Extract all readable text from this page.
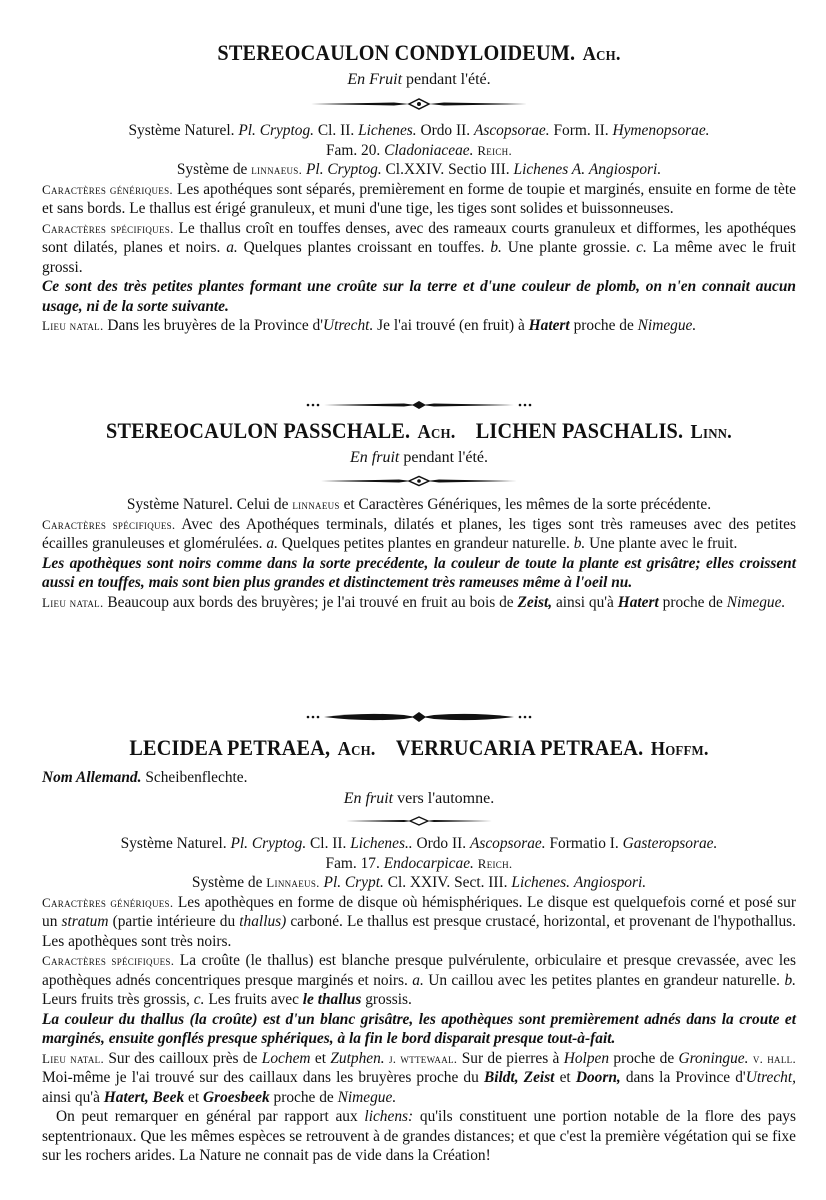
STEREOCAULON CONDYLOIDEUM. Ach.

En Fruit pendant l'été.

Système Naturel. Pl. Cryptog. Cl. II. Lichenes. Ordo II. Ascopsorae. Form. II. Hymenopsorae.

Fam. 20. Cladoniaceae. Reich.

Système de linnaeus. Pl. Cryptog. Cl.XXIV. Sectio III. Lichenes A. Angiospori.

Caractères génériques. Les apothéques sont séparés, premièrement en forme de toupie et marginés, ensuite en forme de tète et sans bords. Le thallus est érigé granuleux, et muni d'une tige, les tiges sont solides et buissonneuses.

Caractères spécifiques. Le thallus croît en touffes denses, avec des rameaux courts granuleux et difformes, les apothéques sont dilatés, planes et noirs. a. Quelques plantes croissant en touffes. b. Une plante grossie. c. La même avec le fruit grossi.

Ce sont des très petites plantes formant une croûte sur la terre et d'une couleur de plomb, on n'en connait aucun usage, ni de la sorte suivante.

Lieu natal. Dans les bruyères de la Province d'Utrecht. Je l'ai trouvé (en fruit) à Hatert proche de Nimegue.

STEREOCAULON PASSCHALE. Ach. LICHEN PASCHALIS. Linn.

En fruit pendant l'été.

Système Naturel. Celui de linnaeus et Caractères Génériques, les mêmes de la sorte précédente.

Caractères spécifiques. Avec des Apothéques terminals, dilatés et planes, les tiges sont très rameuses avec des petites écailles granuleuses et glomérulées. a. Quelques petites plantes en grandeur naturelle. b. Une plante avec le fruit.

Les apothèques sont noirs comme dans la sorte precédente, la couleur de toute la plante est grisâtre; elles croissent aussi en touffes, mais sont bien plus grandes et distinctement très rameuses même à l'oeil nu.

Lieu natal. Beaucoup aux bords des bruyères; je l'ai trouvé en fruit au bois de Zeist, ainsi qu'à Hatert proche de Nimegue.

LECIDEA PETRAEA, Ach. VERRUCARIA PETRAEA. Hoffm.
Nom Allemand. Scheibenflechte.

En fruit vers l'automne.

Système Naturel. Pl. Cryptog. Cl. II. Lichenes.. Ordo II. Ascopsorae. Formatio I. Gasteropsorae.

Fam. 17. Endocarpicae. Reich.

Système de Linnaeus. Pl. Crypt. Cl. XXIV. Sect. III. Lichenes. Angiospori.

Caractères génériques. Les apothèques en forme de disque où hémisphériques. Le disque est quelquefois corné et posé sur un stratum (partie intérieure du thallus) carboné. Le thallus est presque crustacé, horizontal, et provenant de l'hypothallus. Les apothèques sont très noirs.

Caractères spécifiques. La croûte (le thallus) est blanche presque pulvérulente, orbiculaire et presque crevassée, avec les apothèques adnés concentriques presque marginés et noirs. a. Un caillou avec les petites plantes en grandeur naturelle. b. Leurs fruits très grossis, c. Les fruits avec le thallus grossis.

La couleur du thallus (la croûte) est d'un blanc grisâtre, les apothèques sont premièrement adnés dans la croute et marginés, ensuite gonflés presque sphériques, à la fin le bord disparait presque tout-à-fait.

Lieu natal. Sur des cailloux près de Lochem et Zutphen. j. wttewaal. Sur de pierres à Holpen proche de Groningue. v. hall. Moi-même je l'ai trouvé sur des caillaux dans les bruyères proche du Bildt, Zeist et Doorn, dans la Province d'Utrecht, ainsi qu'à Hatert, Beek et Groesbeek proche de Nimegue.

On peut remarquer en général par rapport aux lichens: qu'ils constituent une portion notable de la flore des pays septentrionaux. Que les mêmes espèces se retrouvent à de grandes distances; et que c'est la première végétation qui se fixe sur les rochers arides. La Nature ne connait pas de vide dans la Création!
